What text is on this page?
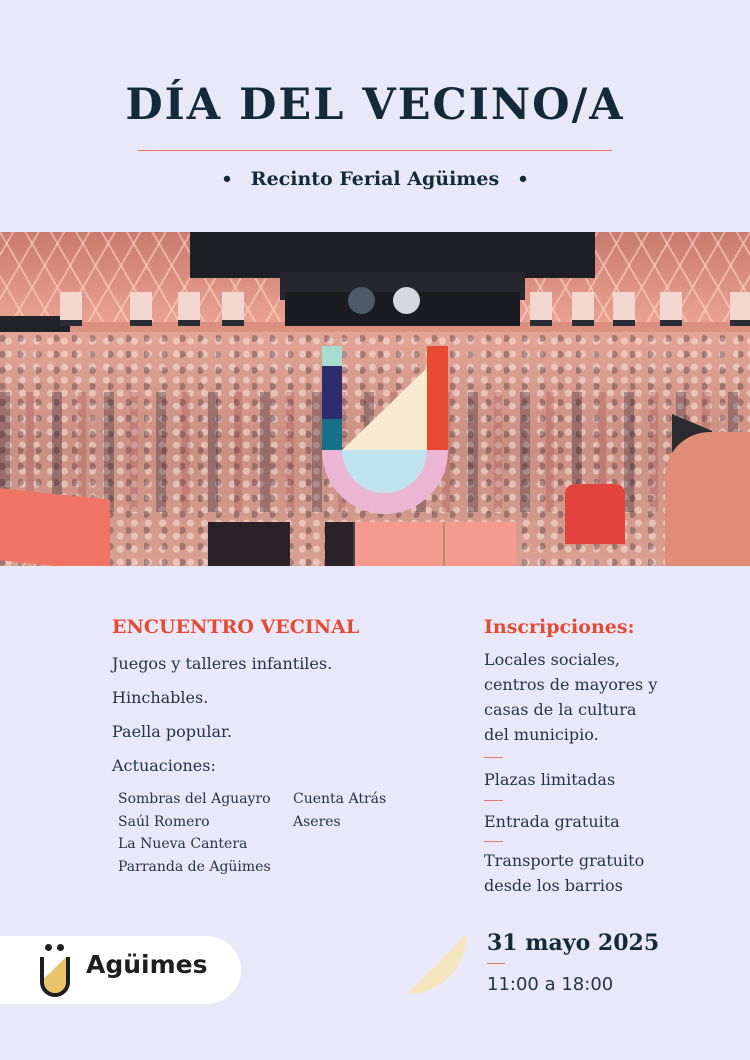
DÍA DEL VECINO/A
• Recinto Ferial Agüimes •
ENCUENTRO VECINAL
Juegos y talleres infantiles.
Hinchables.
Paella popular.
Actuaciones:
Sombras del Aguayro
Saúl Romero
La Nueva Cantera
Parranda de Agüimes
Cuenta Atrás
Aseres
Inscripciones:
Locales sociales,
centros de mayores y
casas de la cultura
del municipio.
Plazas limitadas
Entrada gratuita
Transporte gratuito
desde los barrios
Agüimes
31 mayo 2025
11:00 a 18:00
